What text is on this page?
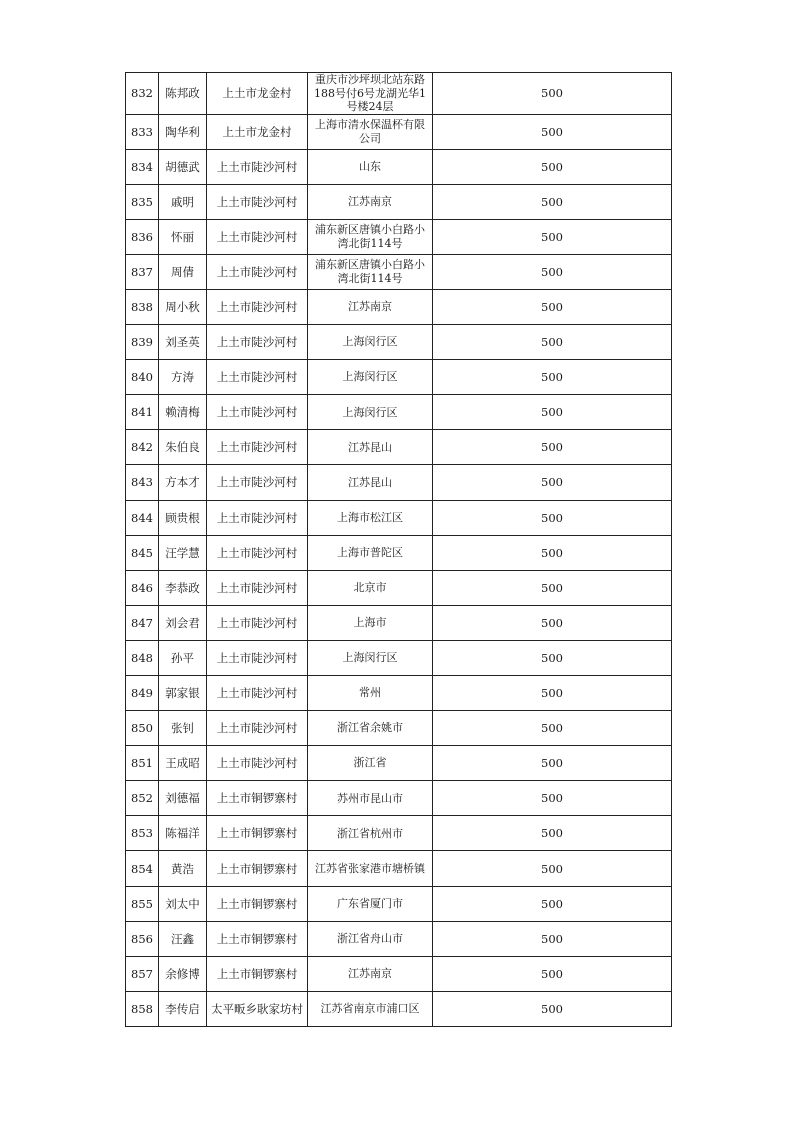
832	陈邦政	上土市龙金村	重庆市沙坪坝北站东路188号付6号龙湖光华1号楼24层	500
833	陶华利	上土市龙金村	上海市清水保温杯有限公司	500
834	胡德武	上土市陡沙河村	山东	500
835	戚明	上土市陡沙河村	江苏南京	500
836	怀丽	上土市陡沙河村	浦东新区唐镇小白路小湾北街114号	500
837	周倩	上土市陡沙河村	浦东新区唐镇小白路小湾北街114号	500
838	周小秋	上土市陡沙河村	江苏南京	500
839	刘圣英	上土市陡沙河村	上海闵行区	500
840	方涛	上土市陡沙河村	上海闵行区	500
841	赖清梅	上土市陡沙河村	上海闵行区	500
842	朱伯良	上土市陡沙河村	江苏昆山	500
843	方本才	上土市陡沙河村	江苏昆山	500
844	顾贵根	上土市陡沙河村	上海市松江区	500
845	汪学慧	上土市陡沙河村	上海市普陀区	500
846	李恭政	上土市陡沙河村	北京市	500
847	刘会君	上土市陡沙河村	上海市	500
848	孙平	上土市陡沙河村	上海闵行区	500
849	郭家银	上土市陡沙河村	常州	500
850	张钊	上土市陡沙河村	浙江省余姚市	500
851	王成昭	上土市陡沙河村	浙江省	500
852	刘德福	上土市铜锣寨村	苏州市昆山市	500
853	陈福洋	上土市铜锣寨村	浙江省杭州市	500
854	黄浩	上土市铜锣寨村	江苏省张家港市塘桥镇	500
855	刘太中	上土市铜锣寨村	广东省厦门市	500
856	汪鑫	上土市铜锣寨村	浙江省舟山市	500
857	余修博	上土市铜锣寨村	江苏南京	500
858	李传启	太平畈乡耿家坊村	江苏省南京市浦口区	500
